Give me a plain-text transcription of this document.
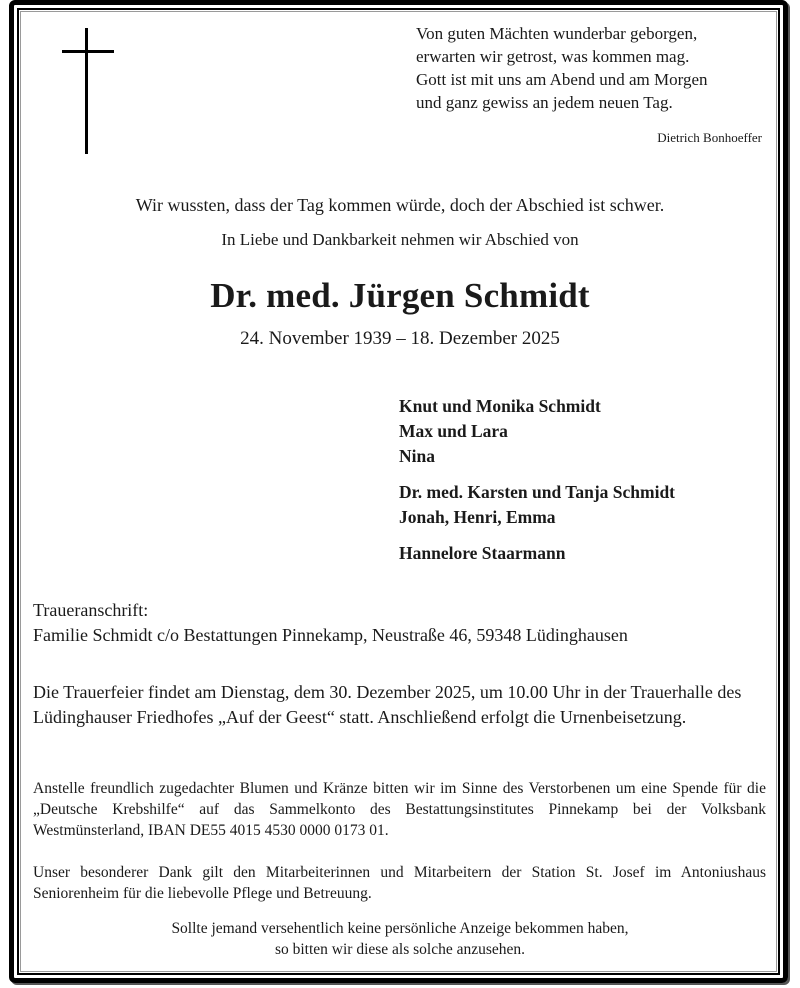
Von guten Mächten wunderbar geborgen,
erwarten wir getrost, was kommen mag.
Gott ist mit uns am Abend und am Morgen
und ganz gewiss an jedem neuen Tag.
Dietrich Bonhoeffer
Wir wussten, dass der Tag kommen würde, doch der Abschied ist schwer.
In Liebe und Dankbarkeit nehmen wir Abschied von
Dr. med. Jürgen Schmidt
24. November 1939 – 18. Dezember 2025
Knut und Monika Schmidt
Max und Lara
Nina
Dr. med. Karsten und Tanja Schmidt
Jonah, Henri, Emma
Hannelore Staarmann
Traueranschrift:
Familie Schmidt c/o Bestattungen Pinnekamp, Neustraße 46, 59348 Lüdinghausen
Die Trauerfeier findet am Dienstag, dem 30. Dezember 2025, um 10.00 Uhr in der Trauerhalle des Lüdinghauser Friedhofes „Auf der Geest“ statt. Anschließend erfolgt die Urnenbeisetzung.
Anstelle freundlich zugedachter Blumen und Kränze bitten wir im Sinne des Verstorbenen um eine Spende für die „Deutsche Krebshilfe“ auf das Sammelkonto des Bestattungsinstitutes Pinnekamp bei der Volksbank Westmünsterland, IBAN DE55 4015 4530 0000 0173 01.
Unser besonderer Dank gilt den Mitarbeiterinnen und Mitarbeitern der Station St. Josef im Antoniushaus Seniorenheim für die liebevolle Pflege und Betreuung.
Sollte jemand versehentlich keine persönliche Anzeige bekommen haben,
so bitten wir diese als solche anzusehen.
